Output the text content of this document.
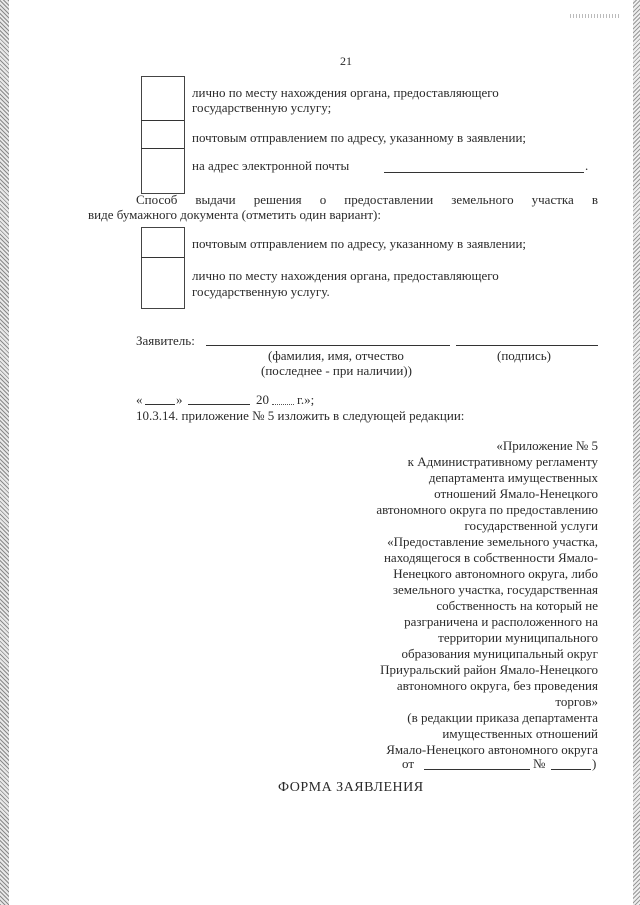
21
лично по месту нахождения органа, предоставляющего
государственную услугу;
почтовым отправлением по адресу, указанному в заявлении;
на адрес электронной почты	.
Способ выдачи решения о предоставлении земельного участка в
виде бумажного документа (отметить один вариант):
почтовым отправлением по адресу, указанному в заявлении;
лично по месту нахождения органа, предоставляющего
государственную услугу.
Заявитель:
(фамилия, имя, отчество	(подпись)
(последнее - при наличии))
«	»	20 г.»;
10.3.14. приложение № 5 изложить в следующей редакции:
«Приложение № 5
к Административному регламенту
департамента имущественных
отношений Ямало-Ненецкого
автономного округа по предоставлению
государственной услуги
«Предоставление земельного участка,
находящегося в собственности Ямало-
Ненецкого автономного округа, либо
земельного участка, государственная
собственность на который не
разграничена и расположенного на
территории муниципального
образования муниципальный округ
Приуральский район Ямало-Ненецкого
автономного округа, без проведения
торгов»
(в редакции приказа департамента
имущественных отношений
Ямало-Ненецкого автономного округа
от	№	)
ФОРМА ЗАЯВЛЕНИЯ
